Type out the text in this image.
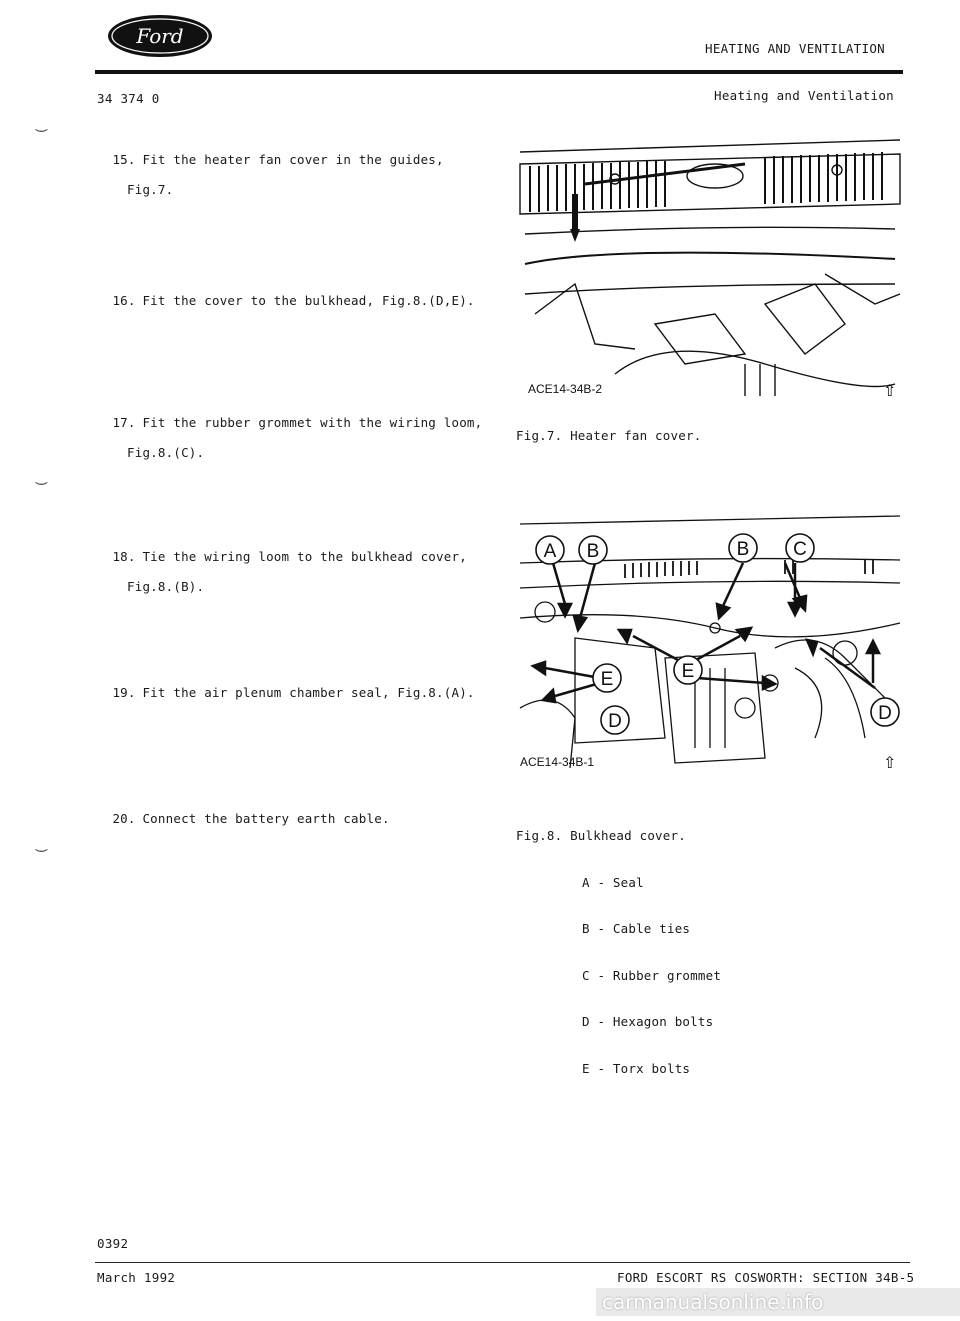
Ford
HEATING AND VENTILATION
34 374 0	Heating and Ventilation
‿
‿
‿

15. Fit the heater fan cover in the guides,

Fig.7.

16. Fit the cover to the bulkhead, Fig.8.(D,E).

17. Fit the rubber grommet with the wiring loom,

Fig.8.(C).

18. Tie the wiring loom to the bulkhead cover,

Fig.8.(B).

19. Fit the air plenum chamber seal, Fig.8.(A).

20. Connect the battery earth cable.

ACE14-34B-2	⇧
Fig.7. Heater fan cover.
A B	B C
E	E
D	D
ACE14-34B-1	⇧

Fig.8. Bulkhead cover.

A - Seal

B - Cable ties

C - Rubber grommet

D - Hexagon bolts

E - Torx bolts

0392
March 1992	FORD ESCORT RS COSWORTH: SECTION 34B-5
carmanualsonline.info
